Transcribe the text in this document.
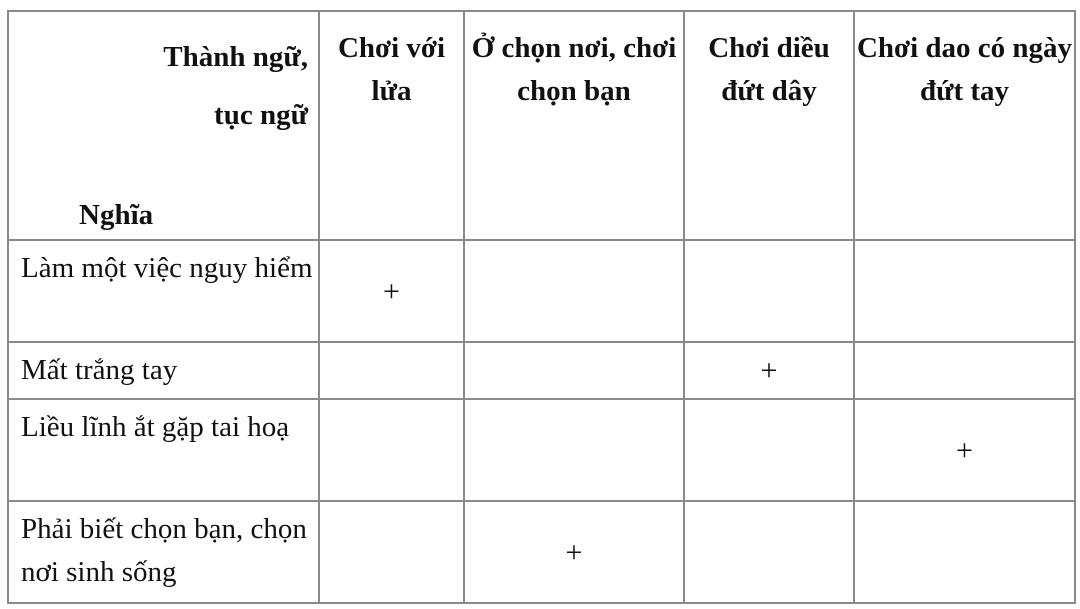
Thành ngữ,
tục ngữ
Nghĩa	Chơi với lửa	Ở chọn nơi, chơi chọn bạn	Chơi diều đứt dây	Chơi dao có ngày đứt tay
Làm một việc nguy hiểm	+			
Mất trắng tay			+	
Liều lĩnh ắt gặp tai hoạ				+
Phải biết chọn bạn, chọn nơi sinh sống		+		
